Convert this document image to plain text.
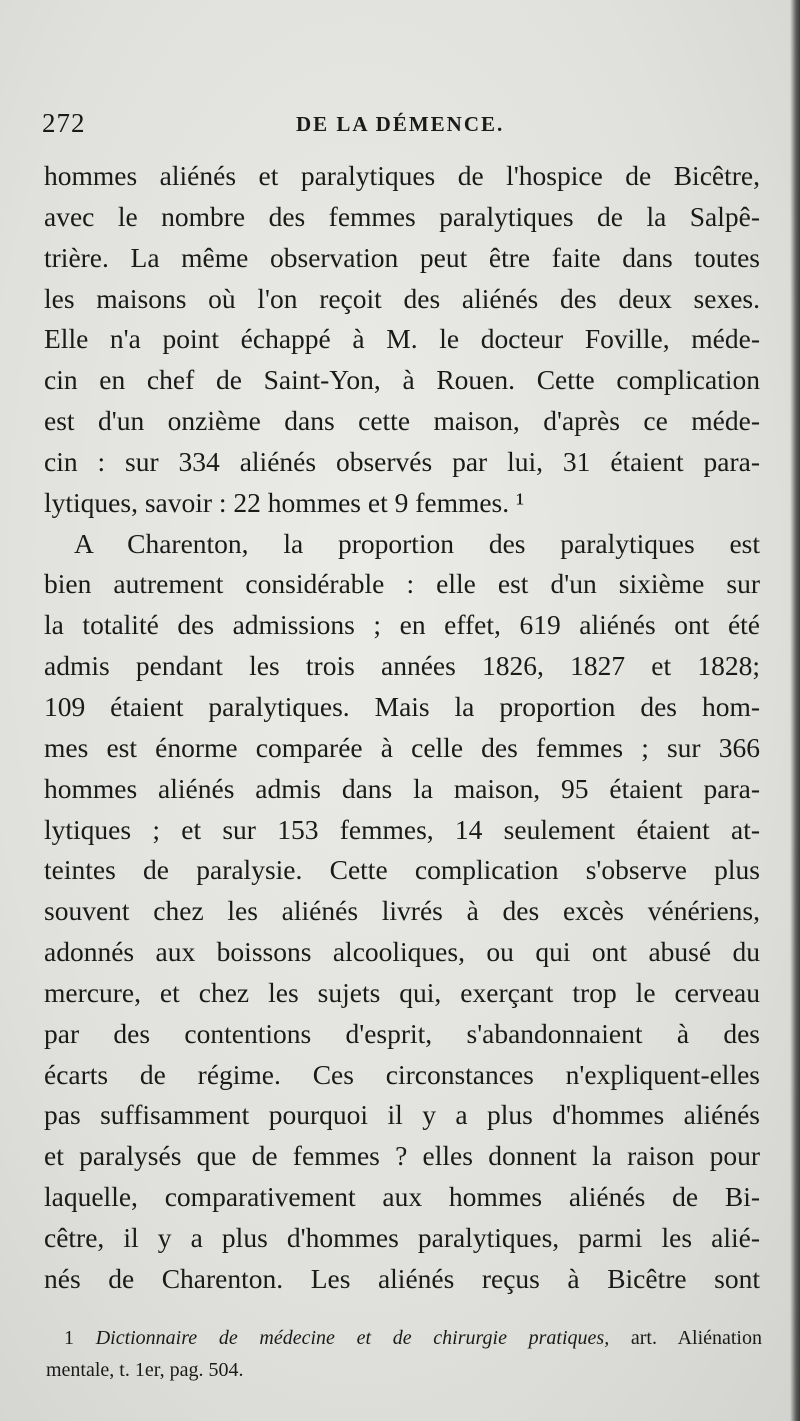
272	DE LA DÉMENCE.
hommes aliénés et paralytiques de l'hospice de Bicêtre,
avec le nombre des femmes paralytiques de la Salpê-
trière. La même observation peut être faite dans toutes
les maisons où l'on reçoit des aliénés des deux sexes.
Elle n'a point échappé à M. le docteur Foville, méde-
cin en chef de Saint-Yon, à Rouen. Cette complication
est d'un onzième dans cette maison, d'après ce méde-
cin : sur 334 aliénés observés par lui, 31 étaient para-
lytiques, savoir : 22 hommes et 9 femmes. ¹
A Charenton, la proportion des paralytiques est
bien autrement considérable : elle est d'un sixième sur
la totalité des admissions ; en effet, 619 aliénés ont été
admis pendant les trois années 1826, 1827 et 1828;
109 étaient paralytiques. Mais la proportion des hom-
mes est énorme comparée à celle des femmes ; sur 366
hommes aliénés admis dans la maison, 95 étaient para-
lytiques ; et sur 153 femmes, 14 seulement étaient at-
teintes de paralysie. Cette complication s'observe plus
souvent chez les aliénés livrés à des excès vénériens,
adonnés aux boissons alcooliques, ou qui ont abusé du
mercure, et chez les sujets qui, exerçant trop le cerveau
par des contentions d'esprit, s'abandonnaient à des
écarts de régime. Ces circonstances n'expliquent-elles
pas suffisamment pourquoi il y a plus d'hommes aliénés
et paralysés que de femmes ? elles donnent la raison pour
laquelle, comparativement aux hommes aliénés de Bi-
cêtre, il y a plus d'hommes paralytiques, parmi les alié-
nés de Charenton. Les aliénés reçus à Bicêtre sont
1 Dictionnaire de médecine et de chirurgie pratiques, art. Aliénation
mentale, t. 1er, pag. 504.
